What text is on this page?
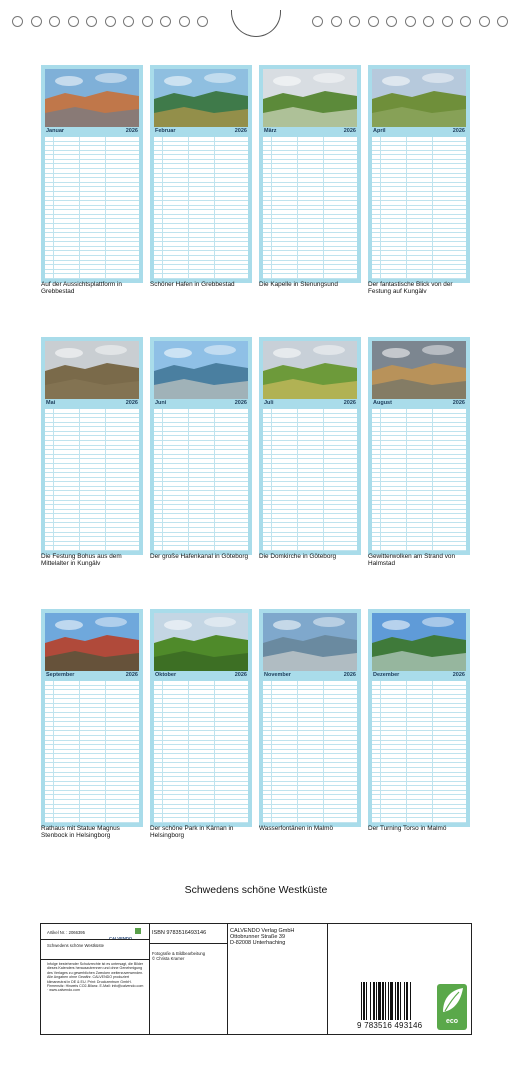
Januar	2026
Auf der Aussichtsplattform in Grebbestad
Februar	2026
Schöner Hafen in Grebbestad
März	2026
Die Kapelle in Stenungsund
April	2026
Der fantastische Blick von der Festung auf Kungälv
Mai	2026
Die Festung Bohus aus dem Mittelalter in Kungälv
Juni	2026
Der große Hafenkanal in Göteborg
Juli	2026
Die Domkirche in Göteborg
August	2026
Gewitterwolken am Strand von Halmstad
September	2026
Rathaus mit Statue Magnus Stenbock in Helsingborg
Oktober	2026
Der schöne Park in Kärnan in Helsingborg
November	2026
Wasserfontänen in Malmö
Dezember	2026
Der Turning Torso in Malmö
Schwedens schöne Westküste
Artikel Nr. : 2066395
CALVENDO
Schwedens schöne Westküste
Infolge bestehender Schutzrechte ist es untersagt, die Bilder dieses Kalenders herauszutrennen und ohne Genehmigung des Verlages zu gewerblichen Zwecken weiterzuverwenden. Alle Angaben ohne Gewähr. CALVENDO produziert klimaneutral in DE & EU. Print: Druckzentrum GmbH. Firmensitz: Hinweis CO2-Bilanz. E-Mail: info@calvendo.com · www.calvendo.com
ISBN 9783516493146
Fotografie & Bildbearbeitung
© Christa Kramer
CALVENDO Verlag GmbH
Ottobrunner Straße 39
D-82008 Unterhaching
9 783516 493146	eco
